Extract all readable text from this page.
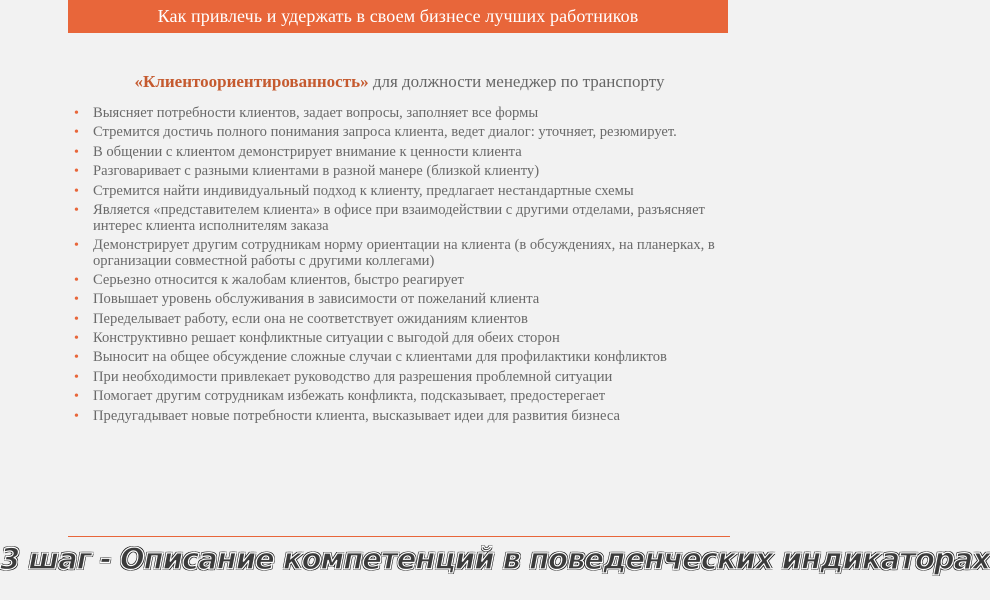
Как привлечь и удержать в своем бизнесе лучших работников
«Клиентоориентированность» для должности менеджер по транспорту
• Выясняет потребности клиентов, задает вопросы, заполняет все формы
• Стремится достичь полного понимания запроса клиента, ведет диалог: уточняет, резюмирует.
• В общении с клиентом демонстрирует внимание к ценности клиента
• Разговаривает с разными клиентами в разной манере (близкой клиенту)
• Стремится найти индивидуальный подход к клиенту, предлагает нестандартные схемы
• Является «представителем клиента» в офисе при взаимодействии с другими отделами, разъясняет интерес клиента исполнителям заказа
• Демонстрирует другим сотрудникам норму ориентации на клиента (в обсуждениях, на планерках, в организации совместной работы с другими коллегами)
• Серьезно относится к жалобам клиентов, быстро реагирует
• Повышает уровень обслуживания в зависимости от пожеланий клиента
• Переделывает работу, если она не соответствует ожиданиям клиентов
• Конструктивно решает конфликтные ситуации с выгодой для обеих сторон
• Выносит на общее обсуждение сложные случаи с клиентами для профилактики конфликтов
• При необходимости привлекает руководство для разрешения проблемной ситуации
• Помогает другим сотрудникам избежать конфликта, подсказывает, предостерегает
• Предугадывает новые потребности клиента, высказывает идеи для развития бизнеса
3 шаг - Описание компетенций в поведенческих индикаторах
